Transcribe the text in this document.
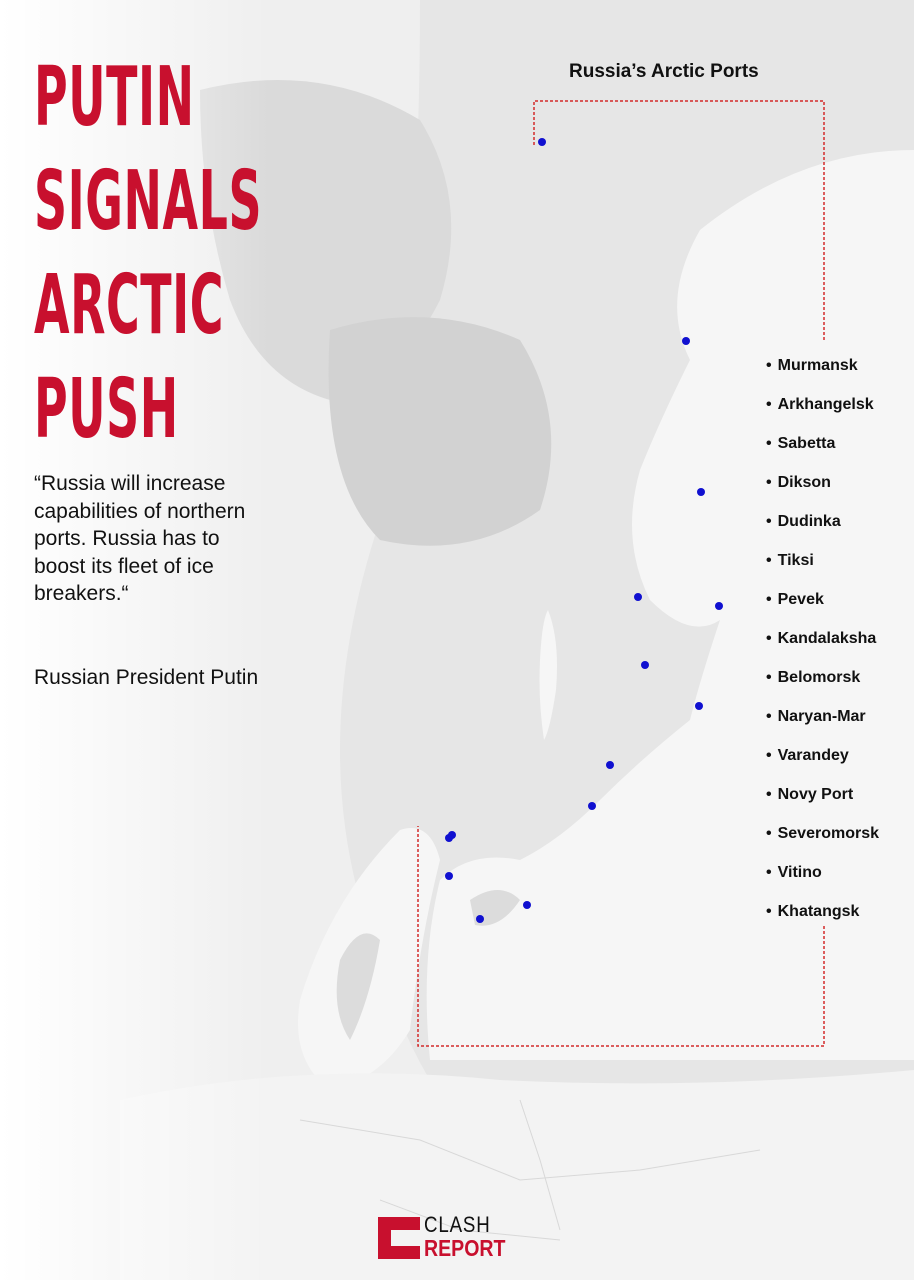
PUTIN
SIGNALS
ARCTIC
PUSH

“Russia will increase capabilities of northern ports. Russia has to boost its fleet of ice breakers.“

Russian President Putin

Russia’s Arctic Ports
• Murmansk
• Arkhangelsk
• Sabetta
• Dikson
• Dudinka
• Tiksi
• Pevek
• Kandalaksha
• Belomorsk
• Naryan-Mar
• Varandey
• Novy Port
• Severomorsk
• Vitino
• Khatangsk
CLASH
REPORT
